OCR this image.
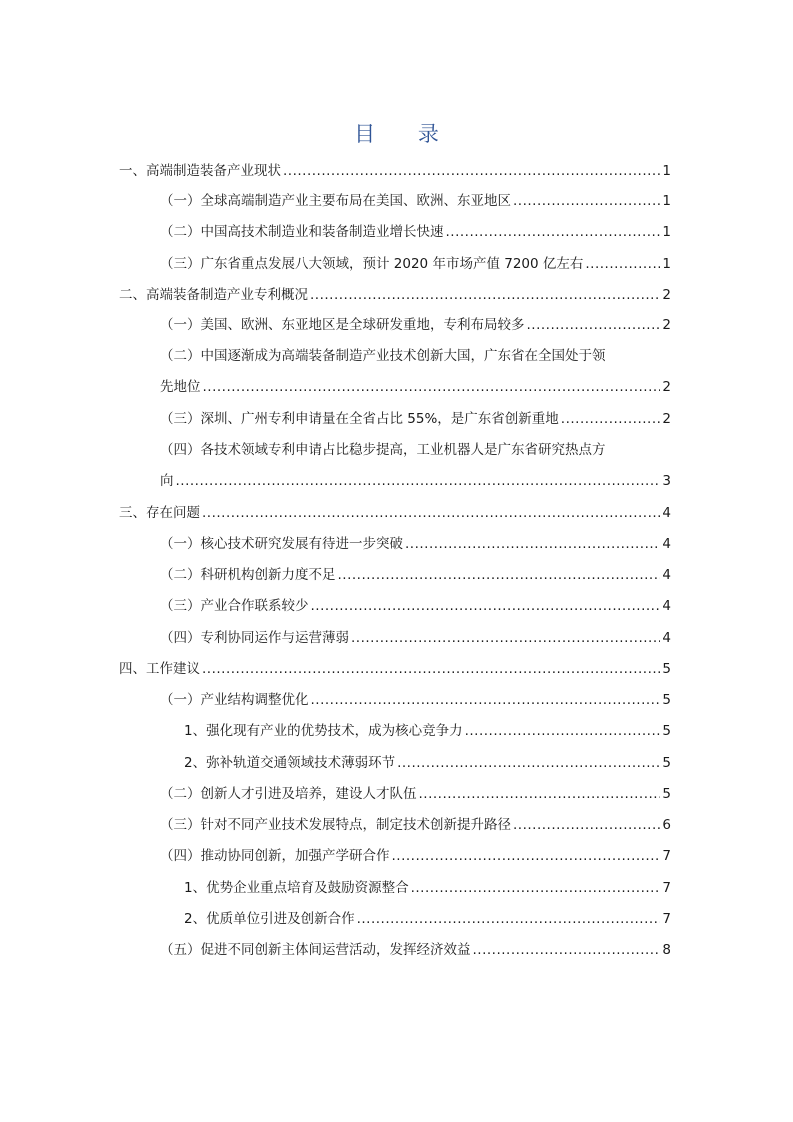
目 录
一、高端制造装备产业现状 .....	1
（一）全球高端制造产业主要布局在美国、欧洲、东亚地区 .....	1
（二）中国高技术制造业和装备制造业增长快速 .....	1
（三）广东省重点发展八大领域，预计 2020 年市场产值 7200 亿左右 .....	1
二、高端装备制造产业专利概况 .....	2
（一）美国、欧洲、东亚地区是全球研发重地，专利布局较多 .....	2
（二）中国逐渐成为高端装备制造产业技术创新大国，广东省在全国处于领
先地位 .....	2
（三）深圳、广州专利申请量在全省占比 55%，是广东省创新重地 .....	2
（四）各技术领域专利申请占比稳步提高，工业机器人是广东省研究热点方
向 .....	3
三、存在问题 .....	4
（一）核心技术研究发展有待进一步突破 .....	4
（二）科研机构创新力度不足 .....	4
（三）产业合作联系较少 .....	4
（四）专利协同运作与运营薄弱 .....	4
四、工作建议 .....	5
（一）产业结构调整优化 .....	5
1、强化现有产业的优势技术，成为核心竞争力 .....	5
2、弥补轨道交通领域技术薄弱环节 .....	5
（二）创新人才引进及培养，建设人才队伍 .....	5
（三）针对不同产业技术发展特点，制定技术创新提升路径 .....	6
（四）推动协同创新，加强产学研合作 .....	7
1、优势企业重点培育及鼓励资源整合 .....	7
2、优质单位引进及创新合作 .....	7
（五）促进不同创新主体间运营活动，发挥经济效益 .....	8
